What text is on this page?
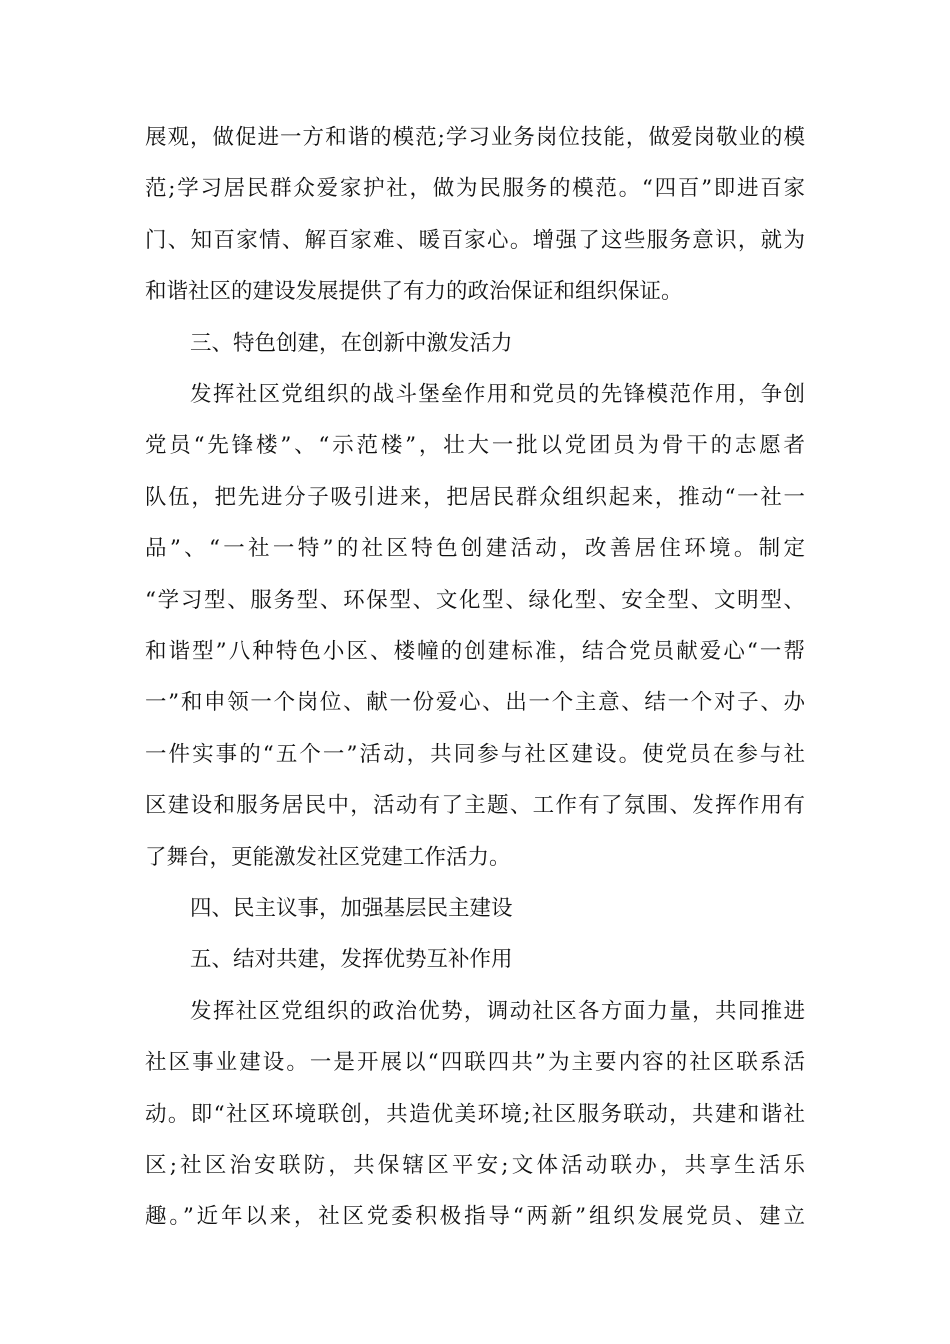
展观，做促进一方和谐的模范;学习业务岗位技能，做爱岗敬业的模
范;学习居民群众爱家护社，做为民服务的模范。“四百”即进百家
门、知百家情、解百家难、暖百家心。增强了这些服务意识，就为
和谐社区的建设发展提供了有力的政治保证和组织保证。
三、特色创建，在创新中激发活力
发挥社区党组织的战斗堡垒作用和党员的先锋模范作用，争创
党员“先锋楼”、“示范楼”，壮大一批以党团员为骨干的志愿者
队伍，把先进分子吸引进来，把居民群众组织起来，推动“一社一
品”、“一社一特”的社区特色创建活动，改善居住环境。制定
“学习型、服务型、环保型、文化型、绿化型、安全型、文明型、
和谐型”八种特色小区、楼幢的创建标准，结合党员献爱心“一帮
一”和申领一个岗位、献一份爱心、出一个主意、结一个对子、办
一件实事的“五个一”活动，共同参与社区建设。使党员在参与社
区建设和服务居民中，活动有了主题、工作有了氛围、发挥作用有
了舞台，更能激发社区党建工作活力。
四、民主议事，加强基层民主建设
五、结对共建，发挥优势互补作用
发挥社区党组织的政治优势，调动社区各方面力量，共同推进
社区事业建设。一是开展以“四联四共”为主要内容的社区联系活
动。即“社区环境联创，共造优美环境;社区服务联动，共建和谐社
区;社区治安联防，共保辖区平安;文体活动联办，共享生活乐
趣。”近年以来，社区党委积极指导“两新”组织发展党员、建立
